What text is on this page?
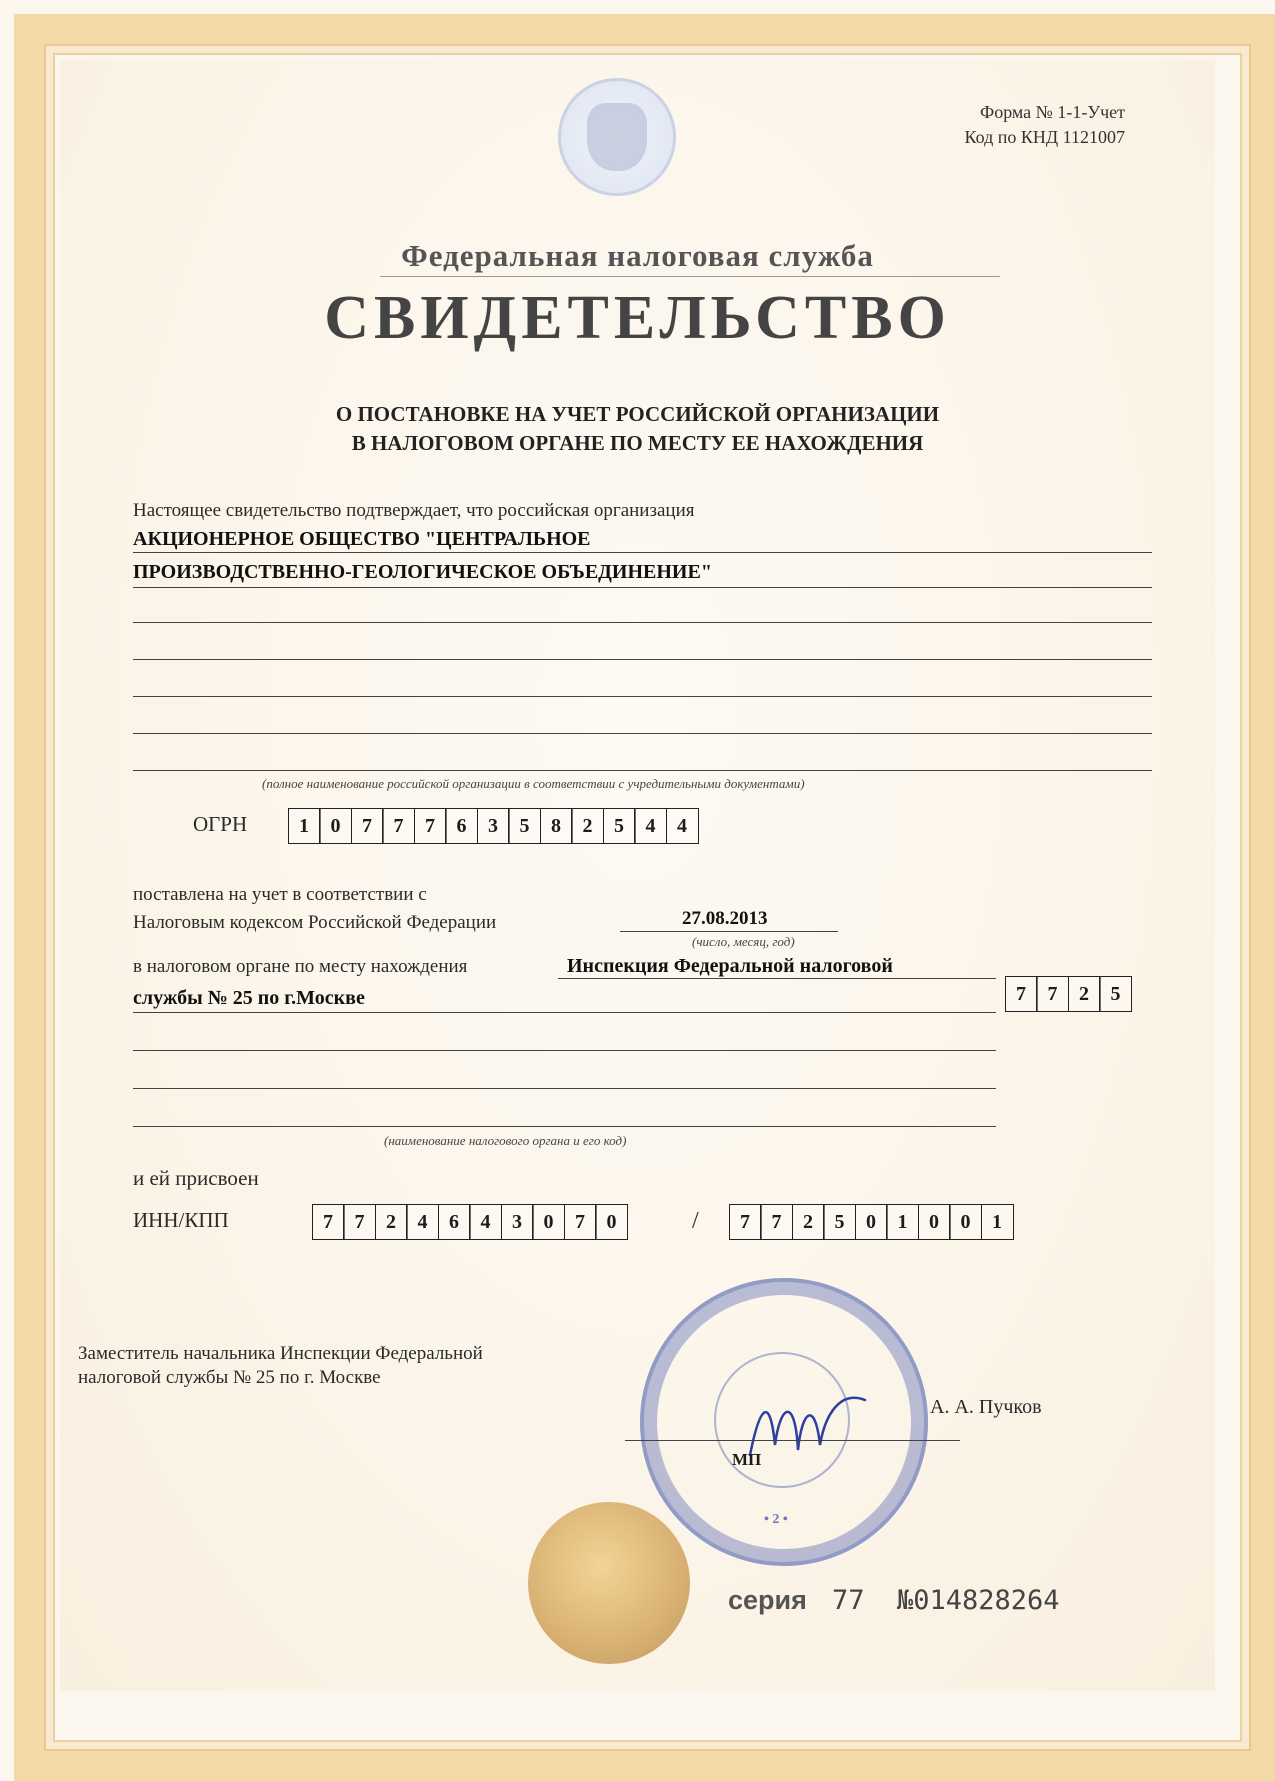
Форма № 1-1-Учет
Код по КНД 1121007
Федеральная налоговая служба
СВИДЕТЕЛЬСТВО
О ПОСТАНОВКЕ НА УЧЕТ РОССИЙСКОЙ ОРГАНИЗАЦИИ
В НАЛОГОВОМ ОРГАНЕ ПО МЕСТУ ЕЕ НАХОЖДЕНИЯ
Настоящее свидетельство подтверждает, что российская организация
АКЦИОНЕРНОЕ ОБЩЕСТВО "ЦЕНТРАЛЬНОЕ
ПРОИЗВОДСТВЕННО-ГЕОЛОГИЧЕСКОЕ ОБЪЕДИНЕНИЕ"
(полное наименование российской организации в соответствии с учредительными документами)
ОГРН	1	0	7	7	7	6	3	5	8	2	5	4	4
поставлена на учет в соответствии с
Налоговым кодексом Российской Федерации	27.08.2013
(число, месяц, год)
в налоговом органе по месту нахождения	Инспекция Федеральной налоговой
службы № 25 по г.Москве	7	7	2	5
(наименование налогового органа и его код)
и ей присвоен
ИНН/КПП	7	7	2	4	6	4	3	0	7	0	/	7	7	2	5	0	1	0	0	1
Заместитель начальника Инспекции Федеральной
налоговой службы № 25 по г. Москве
• 2 •
А. А. Пучков
МП
серия 77 №014828264
